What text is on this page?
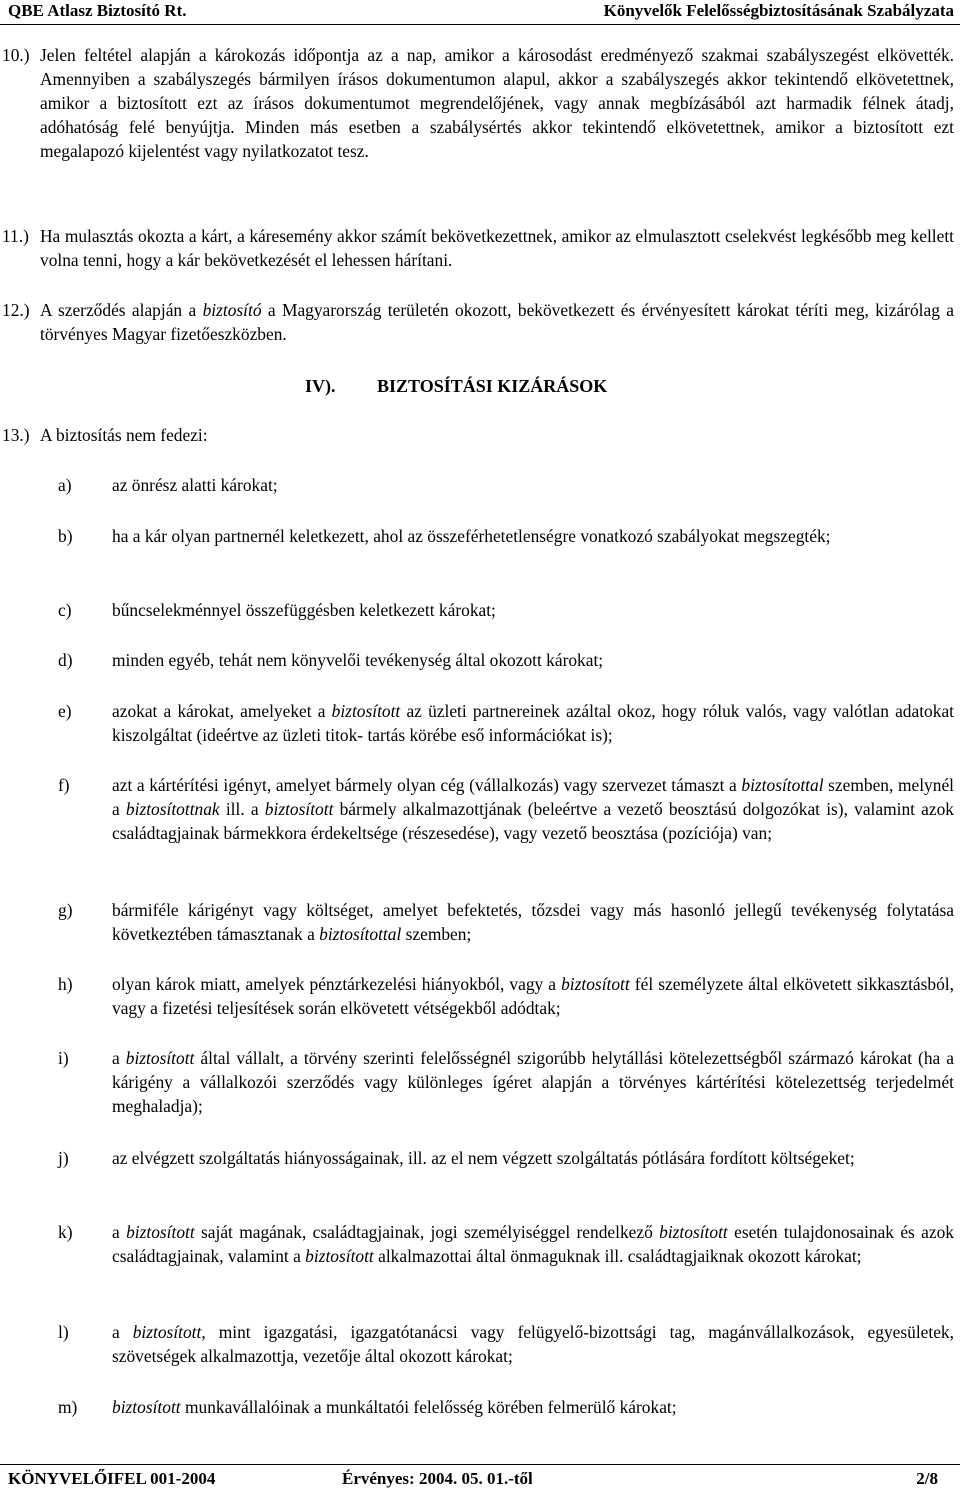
QBE Atlasz Biztosító Rt.	Könyvelők Felelősségbiztosításának Szabályzata
10.) Jelen feltétel alapján a károkozás időpontja az a nap, amikor a károsodást eredményező szakmai szabályszegést elkövették. Amennyiben a szabályszegés bármilyen írásos dokumentumon alapul, akkor a szabályszegés akkor tekintendő elkövetettnek, amikor a biztosított ezt az írásos dokumentumot megrendelőjének, vagy annak megbízásából azt harmadik félnek átadj, adóhatóság felé benyújtja. Minden más esetben a szabálysértés akkor tekintendő elkövetettnek, amikor a biztosított ezt megalapozó kijelentést vagy nyilatkozatot tesz.
11.) Ha mulasztás okozta a kárt, a káresemény akkor számít bekövetkezettnek, amikor az elmulasztott cselekvést legkésőbb meg kellett volna tenni, hogy a kár bekövetkezését el lehessen hárítani.
12.) A szerződés alapján a biztosító a Magyarország területén okozott, bekövetkezett és érvényesített károkat téríti meg, kizárólag a törvényes Magyar fizetőeszközben.
IV). BIZTOSÍTÁSI KIZÁRÁSOK
13.) A biztosítás nem fedezi:
a) az önrész alatti károkat;
b) ha a kár olyan partnernél keletkezett, ahol az összeférhetetlenségre vonatkozó szabályokat megszegték;
c) bűncselekménnyel összefüggésben keletkezett károkat;
d) minden egyéb, tehát nem könyvelői tevékenység által okozott károkat;
e) azokat a károkat, amelyeket a biztosított az üzleti partnereinek azáltal okoz, hogy róluk valós, vagy valótlan adatokat kiszolgáltat (ideértve az üzleti titok- tartás körébe eső információkat is);
f) azt a kártérítési igényt, amelyet bármely olyan cég (vállalkozás) vagy szervezet támaszt a biztosítottal szemben, melynél a biztosítottnak ill. a biztosított bármely alkalmazottjának (beleértve a vezető beosztású dolgozókat is), valamint azok családtagjainak bármekkora érdekeltsége (részesedése), vagy vezető beosztása (pozíciója) van;
g) bármiféle kárigényt vagy költséget, amelyet befektetés, tőzsdei vagy más hasonló jellegű tevékenység folytatása következtében támasztanak a biztosítottal szemben;
h) olyan károk miatt, amelyek pénztárkezelési hiányokból, vagy a biztosított fél személyzete által elkövetett sikkasztásból, vagy a fizetési teljesítések során elkövetett vétségekből adódtak;
i) a biztosított által vállalt, a törvény szerinti felelősségnél szigorúbb helytállási kötelezettségből származó károkat (ha a kárigény a vállalkozói szerződés vagy különleges ígéret alapján a törvényes kártérítési kötelezettség terjedelmét meghaladja);
j) az elvégzett szolgáltatás hiányosságainak, ill. az el nem végzett szolgáltatás pótlására fordított költségeket;
k) a biztosított saját magának, családtagjainak, jogi személyiséggel rendelkező biztosított esetén tulajdonosainak és azok családtagjainak, valamint a biztosított alkalmazottai által önmaguknak ill. családtagjaiknak okozott károkat;
l) a biztosított, mint igazgatási, igazgatótanácsi vagy felügyelő-bizottsági tag, magánvállalkozások, egyesületek, szövetségek alkalmazottja, vezetője által okozott károkat;
m) biztosított munkavállalóinak a munkáltatói felelősség körében felmerülő károkat;
KÖNYVELŐIFEL 001-2004	Érvényes: 2004. 05. 01.-től	2/8
